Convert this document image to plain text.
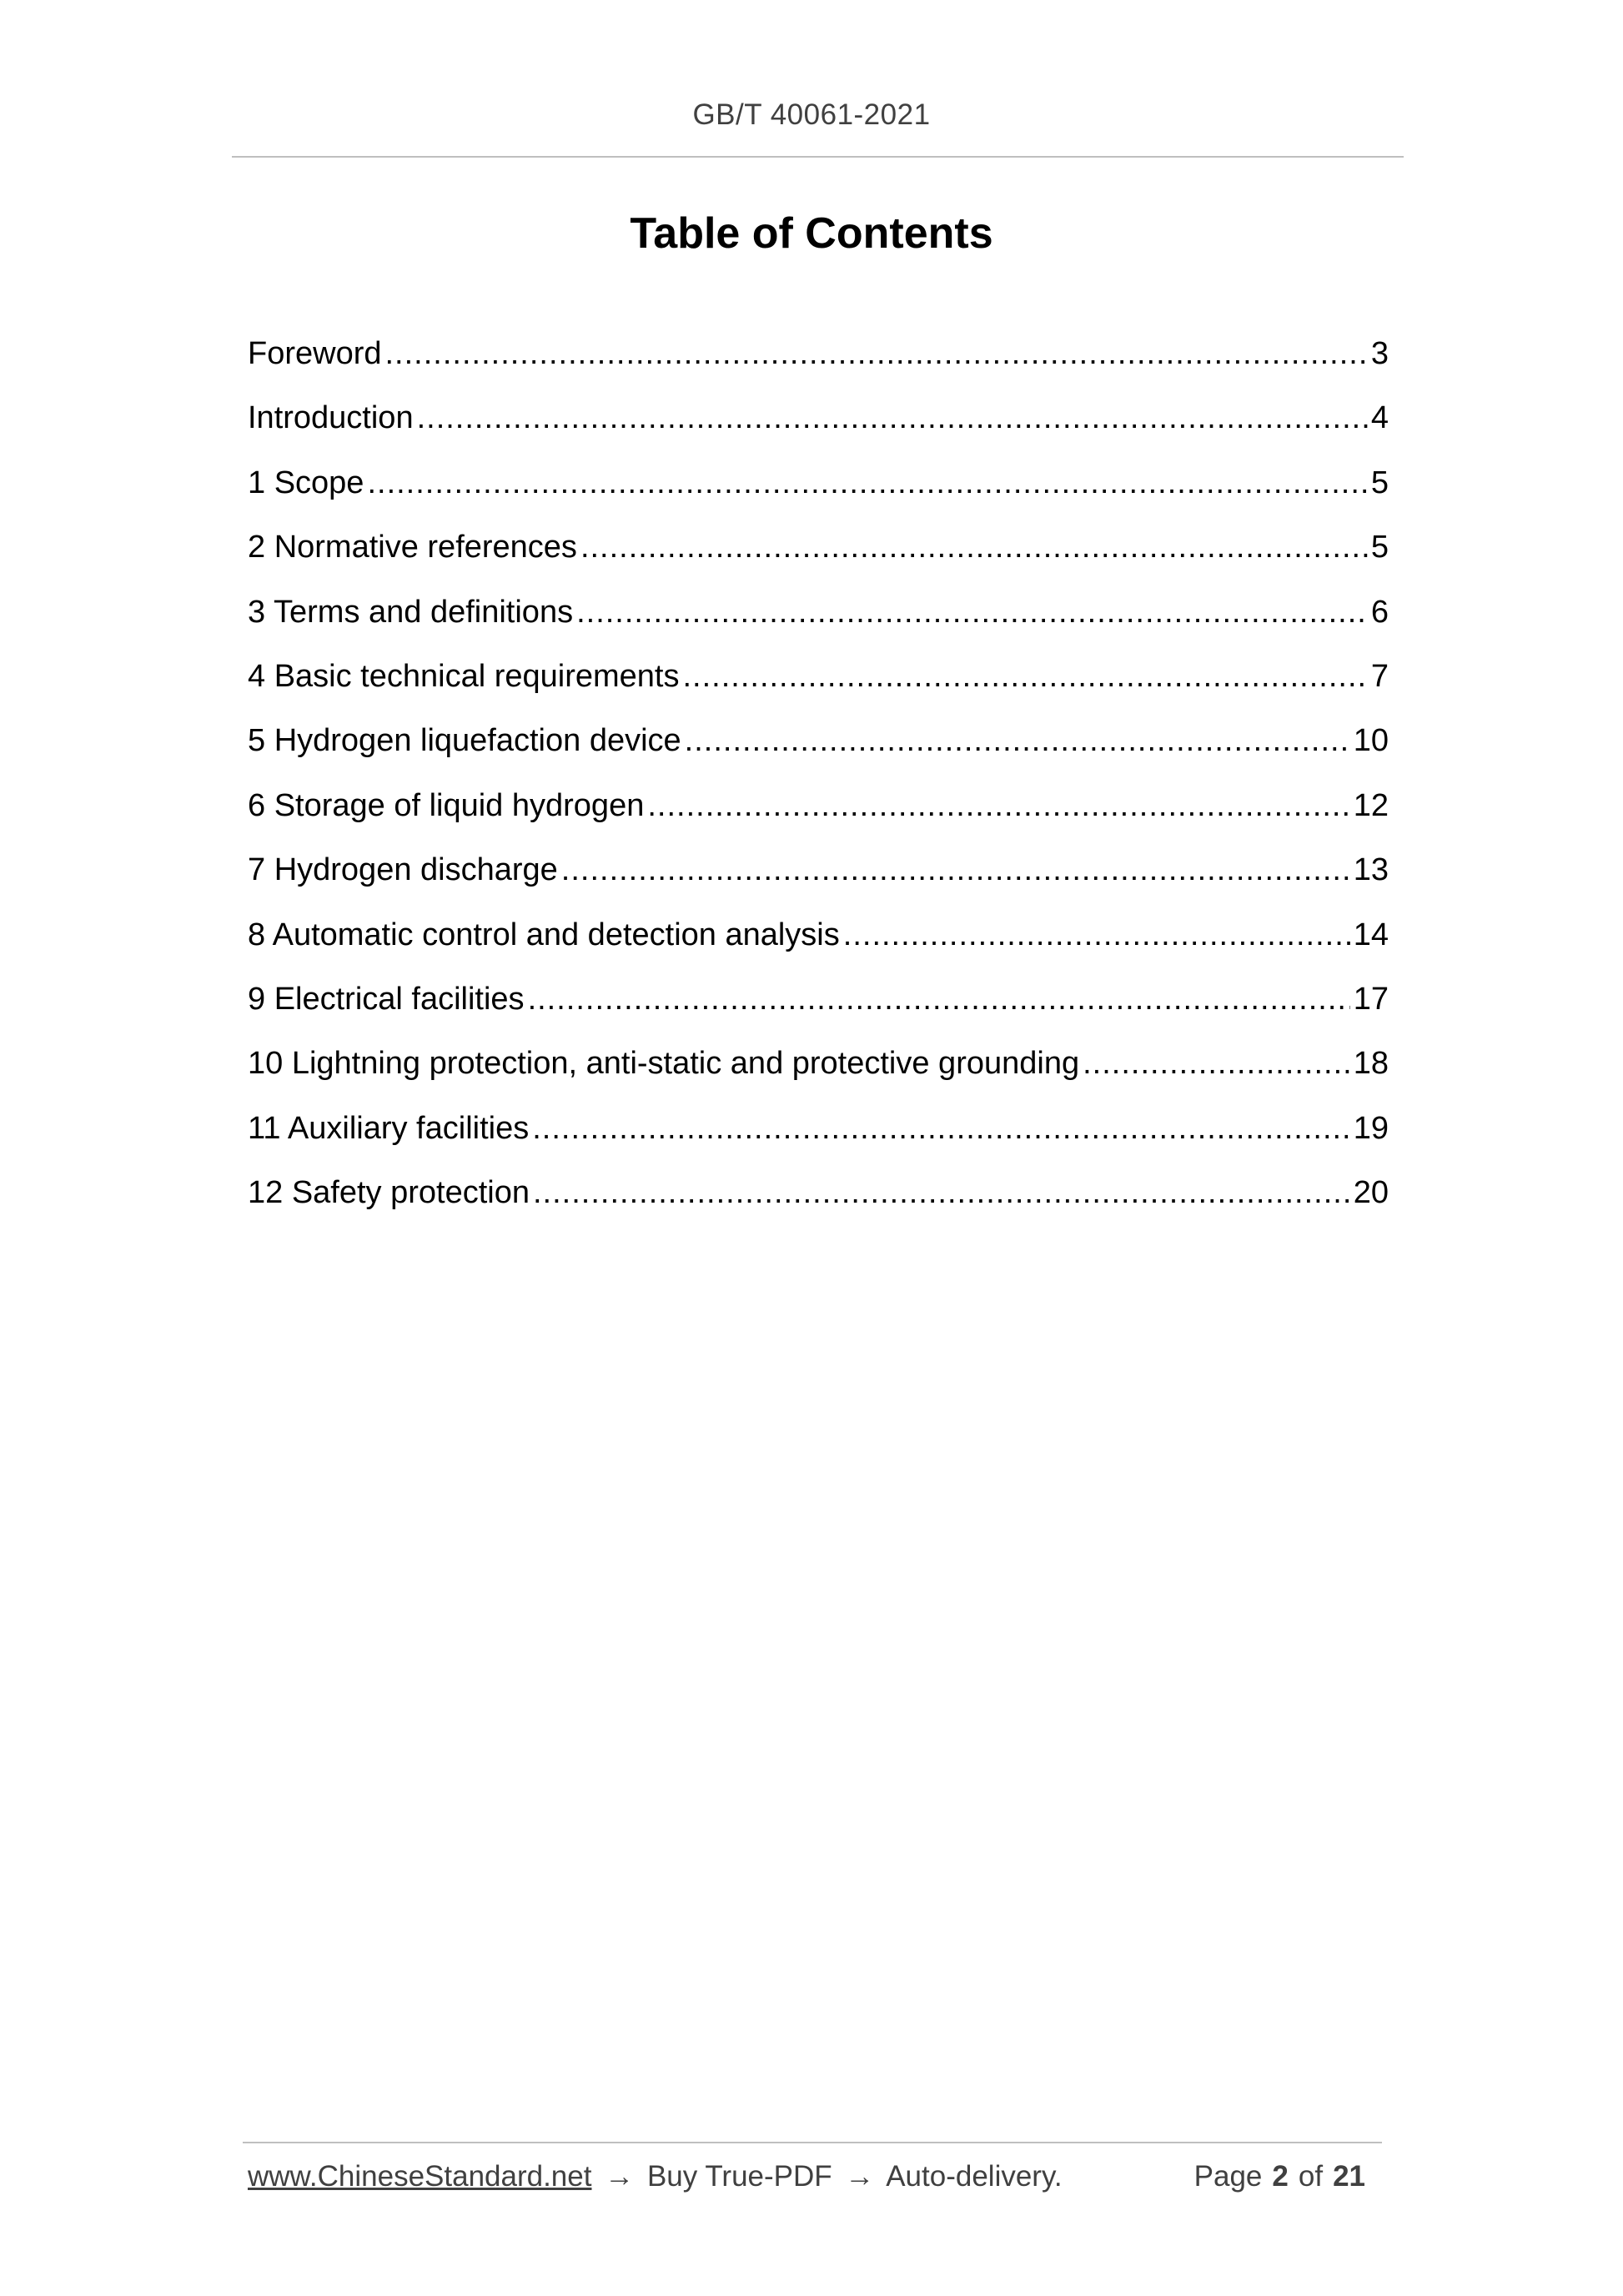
GB/T 40061-2021
Table of Contents
Foreword .....	3
Introduction .....	4
1 Scope .....	5
2 Normative references .....	5
3 Terms and definitions .....	6
4 Basic technical requirements .....	7
5 Hydrogen liquefaction device .....	10
6 Storage of liquid hydrogen .....	12
7 Hydrogen discharge .....	13
8 Automatic control and detection analysis .....	14
9 Electrical facilities .....	17
10 Lightning protection, anti-static and protective grounding .....	18
11 Auxiliary facilities .....	19
12 Safety protection .....	20
www.ChineseStandard.net → Buy True-PDF → Auto-delivery.	Page 2 of 21
